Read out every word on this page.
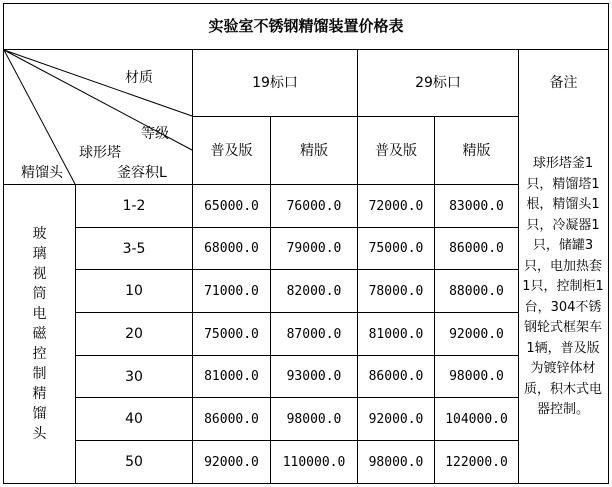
实验室不锈钢精馏装置价格表
材质
等级
球形塔
釜容积L
精馏头
19标口	29标口	备注
普及版	精版	普及版	精版
玻
璃
视
筒
电
磁
控
制
精
馏
头
1-2	65000.0	76000.0	72000.0	83000.0
3-5	68000.0	79000.0	75000.0	86000.0
10	71000.0	82000.0	78000.0	88000.0
20	75000.0	87000.0	81000.0	92000.0
30	81000.0	93000.0	86000.0	98000.0
40	86000.0	98000.0	92000.0	104000.0
50	92000.0	110000.0	98000.0	122000.0
球形塔釜1只，精馏塔1根，精馏头1只，冷凝器1只，储罐3只，电加热套1只，控制柜1台，304不锈钢轮式框架车1辆，普及版为镀锌体材质，积木式电器控制。
